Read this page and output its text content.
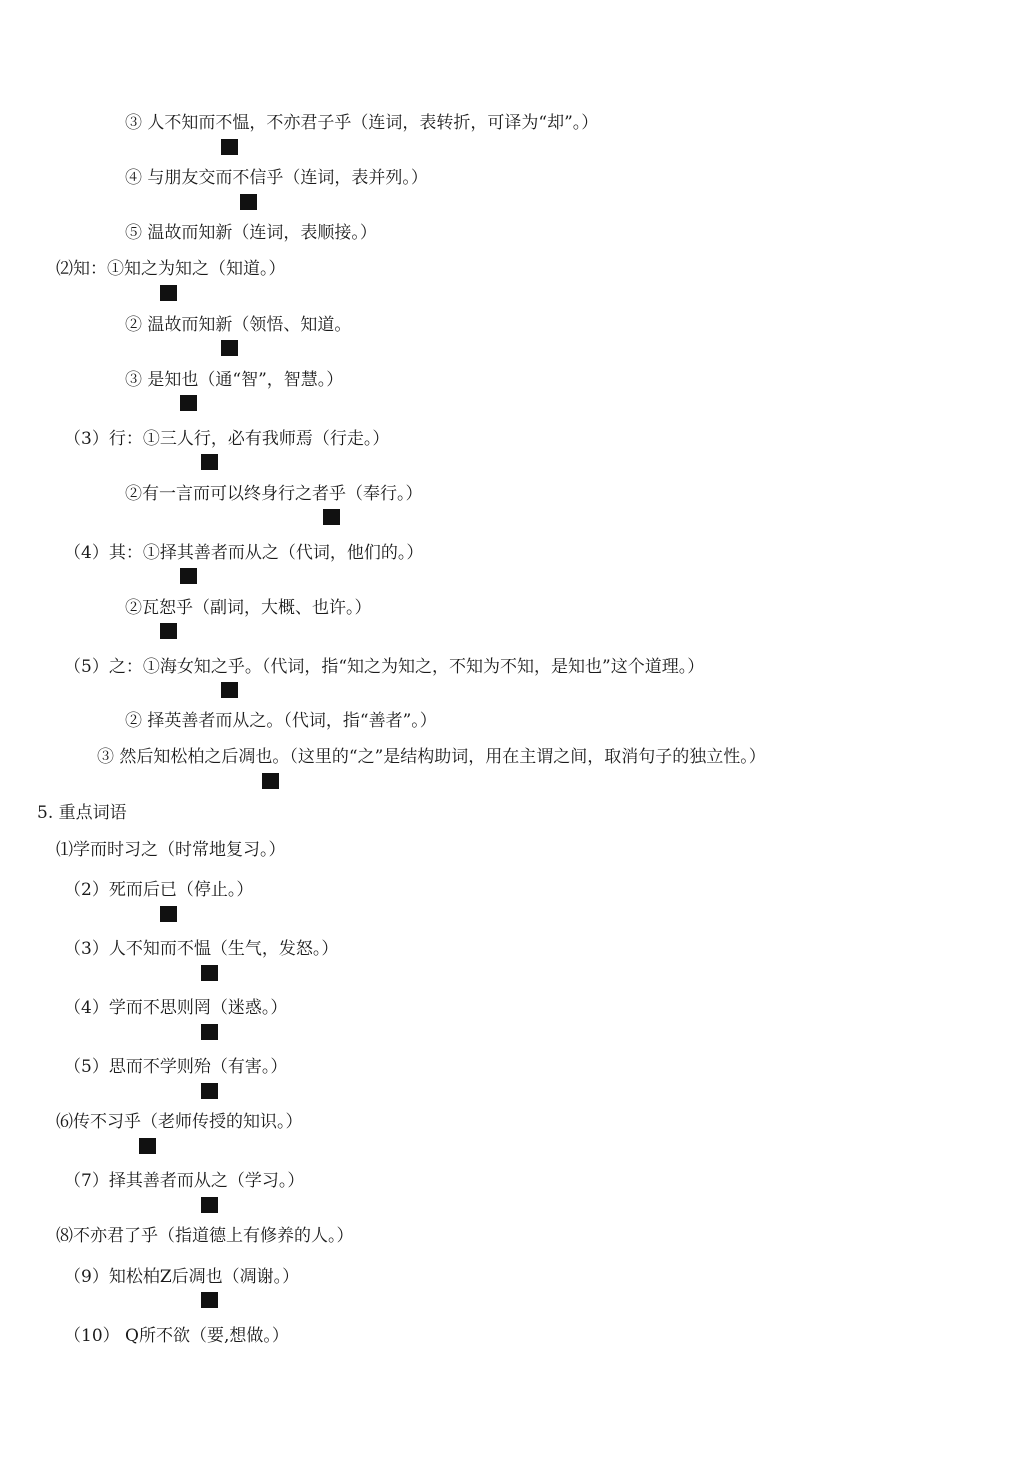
③ 人不知而不愠，不亦君子乎（连词，表转折，可译为“却”。）
④ 与朋友交而不信乎（连词，表并列。）
⑤ 温故而知新（连词，表顺接。）
⑵知：①知之为知之（知道。）
② 温故而知新（领悟、知道。
③ 是知也（通“智”，智慧。）
（3）行：①三人行，必有我师焉（行走。）
②有一言而可以终身行之者乎（奉行。）
（4）其：①择其善者而从之（代词，他们的。）
②瓦恕乎（副词，大概、也许。）
（5）之：①海女知之乎。（代词，指“知之为知之，不知为不知，是知也”这个道理。）
② 择英善者而从之。（代词，指“善者”。）
③ 然后知松柏之后凋也。（这里的“之”是结构助词，用在主谓之间，取消句子的独立性。）
5. 重点词语
⑴学而时习之（时常地复习。）
（2）死而后已（停止。）
（3）人不知而不愠（生气，发怒。）
（4）学而不思则罔（迷惑。）
（5）思而不学则殆（有害。）
⑹传不习乎（老师传授的知识。）
（7）择其善者而从之（学习。）
⑻不亦君了乎（指道德上有修养的人。）
（9）知松柏Z后凋也（凋谢。）
（10） Q所不欲（要,想做。）
